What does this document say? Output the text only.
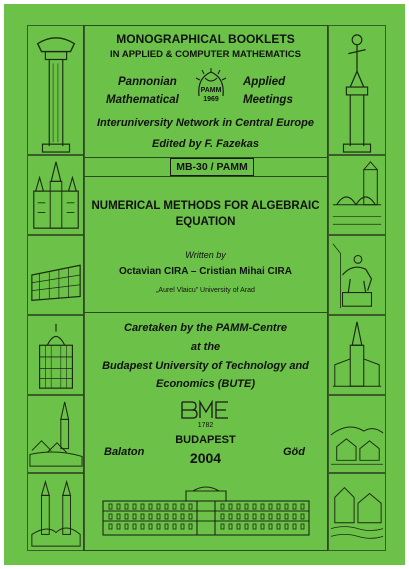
MONOGRAPHICAL BOOKLETS
IN APPLIED & COMPUTER MATHEMATICS
Pannonian
Mathematical
Applied
Meetings
PAMM
1969
Interuniversity Network in Central Europe
Edited by F. Fazekas
MB-30 / PAMM
NUMERICAL METHODS FOR ALGEBRAIC
EQUATION
Written by
Octavian CIRA – Cristian Mihai CIRA
„Aurel Vlaicu” University of Arad
Caretaken by the PAMM-Centre
at the
Budapest University of Technology and
Economics (BUTE)
1782
BUDAPEST
2004
Balaton	Göd
